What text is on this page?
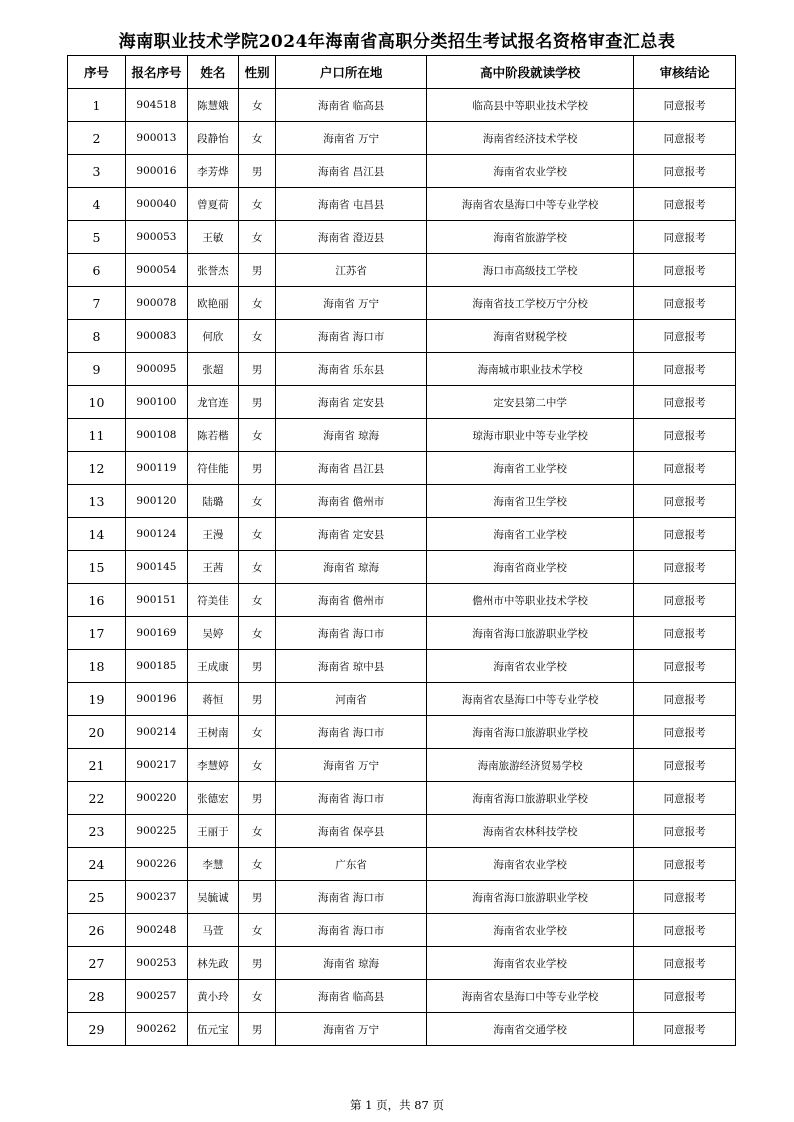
海南职业技术学院2024年海南省高职分类招生考试报名资格审查汇总表
序号	报名序号	姓名	性别	户口所在地	高中阶段就读学校	审核结论
1	904518	陈慧娥	女	海南省 临高县	临高县中等职业技术学校	同意报考
2	900013	段静怡	女	海南省 万宁	海南省经济技术学校	同意报考
3	900016	李芳烨	男	海南省 昌江县	海南省农业学校	同意报考
4	900040	曾夏荷	女	海南省 屯昌县	海南省农垦海口中等专业学校	同意报考
5	900053	王敏	女	海南省 澄迈县	海南省旅游学校	同意报考
6	900054	张誉杰	男	江苏省	海口市高级技工学校	同意报考
7	900078	欧艳丽	女	海南省 万宁	海南省技工学校万宁分校	同意报考
8	900083	何欣	女	海南省 海口市	海南省财税学校	同意报考
9	900095	张超	男	海南省 乐东县	海南城市职业技术学校	同意报考
10	900100	龙官连	男	海南省 定安县	定安县第二中学	同意报考
11	900108	陈若楷	女	海南省 琼海	琼海市职业中等专业学校	同意报考
12	900119	符佳能	男	海南省 昌江县	海南省工业学校	同意报考
13	900120	陆璐	女	海南省 儋州市	海南省卫生学校	同意报考
14	900124	王漫	女	海南省 定安县	海南省工业学校	同意报考
15	900145	王茜	女	海南省 琼海	海南省商业学校	同意报考
16	900151	符美佳	女	海南省 儋州市	儋州市中等职业技术学校	同意报考
17	900169	吴婷	女	海南省 海口市	海南省海口旅游职业学校	同意报考
18	900185	王成康	男	海南省 琼中县	海南省农业学校	同意报考
19	900196	蒋恒	男	河南省	海南省农垦海口中等专业学校	同意报考
20	900214	王树南	女	海南省 海口市	海南省海口旅游职业学校	同意报考
21	900217	李慧婷	女	海南省 万宁	海南旅游经济贸易学校	同意报考
22	900220	张德宏	男	海南省 海口市	海南省海口旅游职业学校	同意报考
23	900225	王丽于	女	海南省 保亭县	海南省农林科技学校	同意报考
24	900226	李慧	女	广东省	海南省农业学校	同意报考
25	900237	吴毓诚	男	海南省 海口市	海南省海口旅游职业学校	同意报考
26	900248	马萱	女	海南省 海口市	海南省农业学校	同意报考
27	900253	林先政	男	海南省 琼海	海南省农业学校	同意报考
28	900257	黄小玲	女	海南省 临高县	海南省农垦海口中等专业学校	同意报考
29	900262	伍元宝	男	海南省 万宁	海南省交通学校	同意报考
第 1 页，共 87 页
